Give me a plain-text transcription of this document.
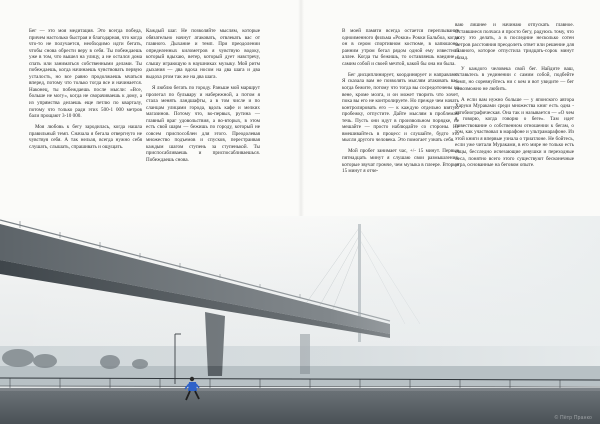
Бег — это моя медитация. Это всегда победа, причем настолько быстрая и благодарная, что когда что-то не получается, необходимо идти бегать, чтобы снова обрести веру в себя. Ты побеждаешь уже в том, что вышел на улицу, а не остался дома спать или заниматься собственными делами. Ты побеждаешь, когда начинаешь чувствовать первую усталость, но все равно продолжаешь мчаться вперед, потому что только тогда все и начинается. Наконец, ты побеждаешь после мысли: «Все, больше не могу», когда не сворачиваешь к дому, а из упрямства делаешь еще петлю по кварталу, потому что только ради этих 500-1 000 метров бали прощают 3-10 000.

Моя любовь к бегу зародилась, когда нашла правильный темп. Сначала я бегала отвергнуто не чувствуя себя. А так нельзя, всегда нужно себя слушать, слышать, спрашивать и ощущать.

Каждый шаг. Не позволяйте мыслям, которые обязательно начнут атаковать, отвлекать вас от главного. Дыхание и темп. При преодолении определенных километров я чувствую водоку, который вдыхаю, ветер, который дует навстречу, слышу играющую в наушниках музыку. Мой ритм дыхания — два вдоха носом на два шага и два выдоха ртом так же на два шага.

Я люблю бегать по городу. Раньше мой маршрут пролегал по бульвару и набережной, а потом я стала менять ландшафты, а в том числе и по сланцам улицами города, вдоль кафе и мелких магазинов. Потому что, во-первых, рутина — главный враг удовольствия, а во-вторых, в этом есть свой шарм — бежишь по городу, который не совсем приспособлен для этого. Преодолевая множество подъемов и спусков, перестраивая каждым шагом ступень за ступенькой. Ты приспосабливаешь и приспосабливаешься. Побеждаешь снова.

В моей памяти всегда остается переплывание одноименного фильма «Рокки» Рокки Бальбоа, когда он в сером спортивном костюме, в капюшоне, ранним утром бегал рядом одной ему известной аллее. Когда ты бежишь, то оставляешь наедине с самим собой и своей мечтой, какой бы она ни была.

Бег дисциплинирует, координирует и направляет. Я сказала вам не позволять мыслям атаковать вас, когда бежите, потому что тогда вы сосредоточены на вене, кроме мозга, и он может творить что хочет, пока вы его не контролируете. Но прежде чем начать контролировать его — к каждую отдельно взятую пробежку, отпустите. Дайте мыслям в проблемам течь. Пусть они идут в произвольном порядке, не мешайте — просто наблюдайте со стороны. Не вмешивайтесь в процесс и слушайте, будто это мысли другого человека. Это помогает узнать себя.

Мой пробег занимает час, +/- 15 минут. Первые пятнадцать минут я слушаю свои размышления, которые звучат громче, чем музыка в плеере. Вторые 15 минут я отче-

ваю лишнее и начинаю отпускать главное. Оставшиеся полчаса я просто бегу, радуюсь тому, что могу это делать, а в последние несколько сотен метров расстояния преодолеть ответ или решение для главного, которое отпустила тридцать-сорок минут назад.

У каждого человека свой бег. Найдите ваш, оставьтесь в уединении с самим собой, подбейте темп, но соревнуйтесь ни с кем и вот увидите — бег невозможно не любить.

А если вам нужно больше — у японского автора Харуки Мураками среди множества книг есть одна - автобиографическая. Она так и называется — «О чем я говорю, когда говорю о беге». Там идет повествование о собственном отношении к бегам, о том, как участвовал в марафоне и ультрамарафоне. Из этой книги я впервые узнала о триатлоне. Не бойтесь, если уже читали Мураками, в его мире не только есть овцы, бесследно исчезающие девушки и переходные леса, понятно всего этого существуют бесконечные утра, основанные на беговом опыте.

© Пётр Пранко
